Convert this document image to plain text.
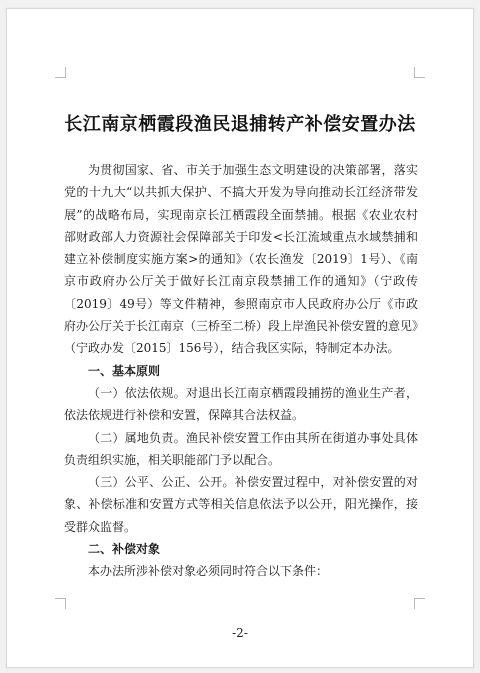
长江南京栖霞段渔民退捕转产补偿安置办法

为贯彻国家、省、市关于加强生态文明建设的决策部署，落实党的十九大“以共抓大保护、不搞大开发为导向推动长江经济带发展”的战略布局，实现南京长江栖霞段全面禁捕。根据《农业农村部财政部人力资源社会保障部关于印发<长江流域重点水域禁捕和建立补偿制度实施方案>的通知》（农长渔发〔2019〕1号）、《南京市政府办公厅关于做好长江南京段禁捕工作的通知》（宁政传〔2019〕49号）等文件精神，参照南京市人民政府办公厅《市政府办公厅关于长江南京（三桥至二桥）段上岸渔民补偿安置的意见》（宁政办发〔2015〕156号），结合我区实际，特制定本办法。

一、基本原则

（一）依法依规。对退出长江南京栖霞段捕捞的渔业生产者，依法依规进行补偿和安置，保障其合法权益。

（二）属地负责。渔民补偿安置工作由其所在街道办事处具体负责组织实施，相关职能部门予以配合。

（三）公平、公正、公开。补偿安置过程中，对补偿安置的对象、补偿标准和安置方式等相关信息依法予以公开，阳光操作，接受群众监督。

二、补偿对象

本办法所涉补偿对象必须同时符合以下条件：

-2-
